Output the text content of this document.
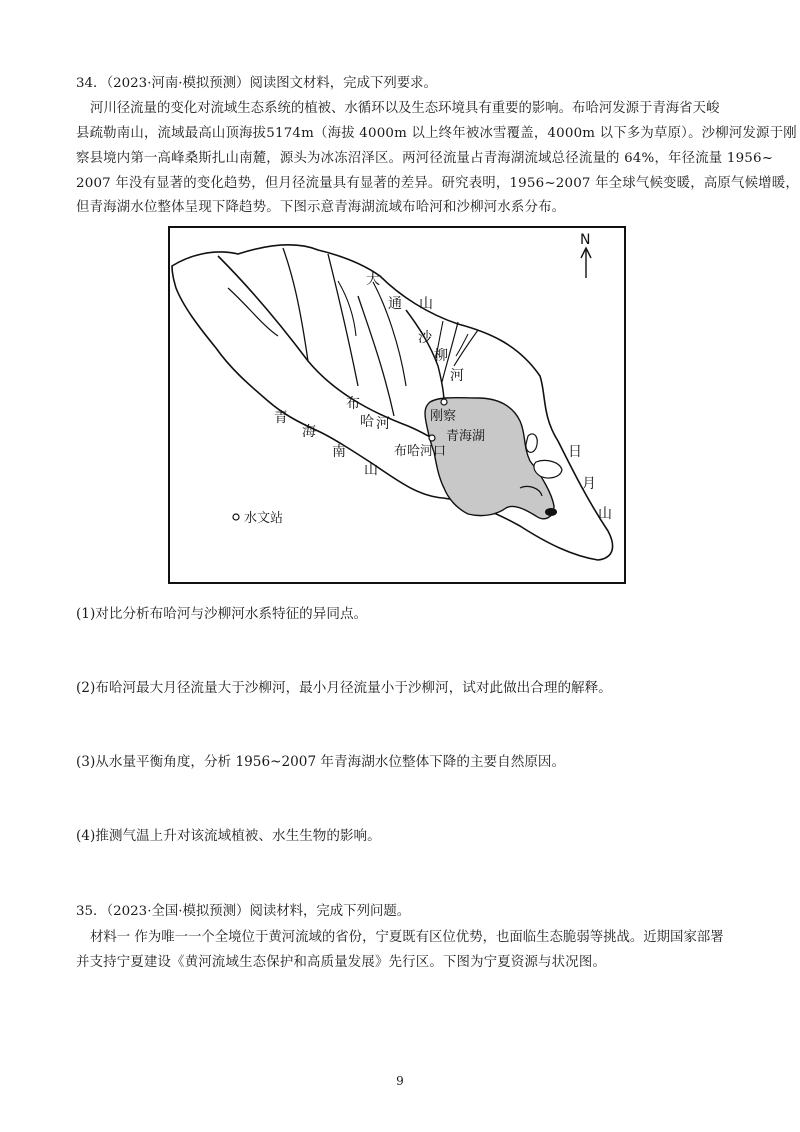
34．（2023·河南·模拟预测）阅读图文材料，完成下列要求。
河川径流量的变化对流域生态系统的植被、水循环以及生态环境具有重要的影响。布哈河发源于青海省天峻
县疏勒南山，流域最高山顶海拔5174m（海拔 4000m 以上终年被冰雪覆盖，4000m 以下多为草原）。沙柳河发源于刚
察县境内第一高峰桑斯扎山南麓，源头为冰冻沼泽区。两河径流量占青海湖流域总径流量的 64%，年径流量 1956~
2007 年没有显著的变化趋势，但月径流量具有显著的差异。研究表明，1956~2007 年全球气候变暖，高原气候增暖，
但青海湖水位整体呈现下降趋势。下图示意青海湖流域布哈河和沙柳河水系分布。
N
大
通 山
沙
柳
河
刚察
青海湖
布
哈 河
布哈河口
青
海
南
山
日
月
山
水文站
(1)对比分析布哈河与沙柳河水系特征的异同点。
(2)布哈河最大月径流量大于沙柳河，最小月径流量小于沙柳河，试对此做出合理的解释。
(3)从水量平衡角度，分析 1956~2007 年青海湖水位整体下降的主要自然原因。
(4)推测气温上升对该流域植被、水生生物的影响。
35．（2023·全国·模拟预测）阅读材料，完成下列问题。
材料一 作为唯一一个全境位于黄河流域的省份，宁夏既有区位优势，也面临生态脆弱等挑战。近期国家部署
并支持宁夏建设《黄河流域生态保护和高质量发展》先行区。下图为宁夏资源与状况图。
9
